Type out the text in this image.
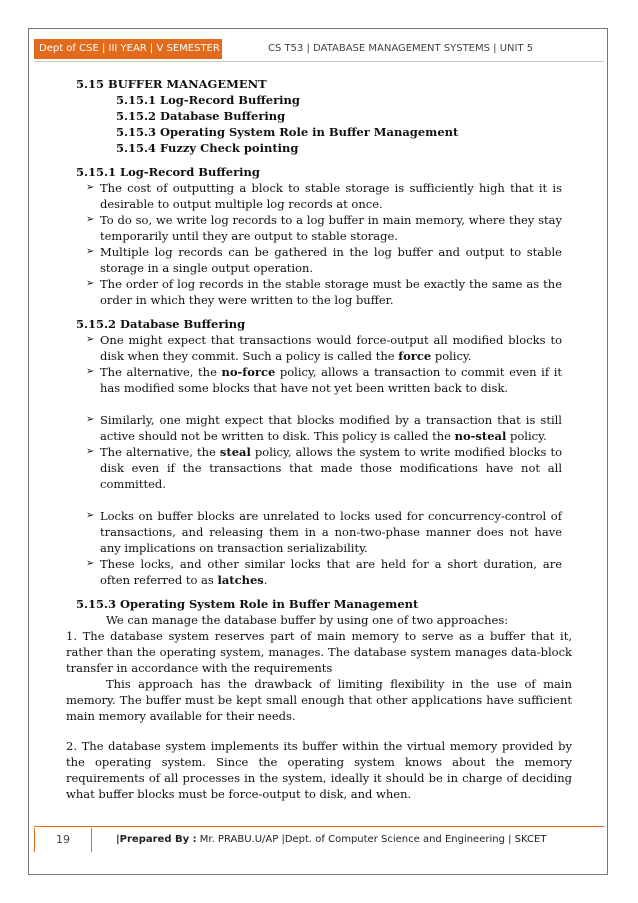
Dept of CSE | III YEAR | V SEMESTER	CS T53 | DATABASE MANAGEMENT SYSTEMS | UNIT 5

5.15 BUFFER MANAGEMENT

5.15.1 Log-Record Buffering

5.15.2 Database Buffering

5.15.3 Operating System Role in Buffer Management

5.15.4 Fuzzy Check pointing

5.15.1 Log-Record Buffering

➢ The cost of outputting a block to stable storage is sufficiently high that it is desirable to output multiple log records at once.
➢ To do so, we write log records to a log buffer in main memory, where they stay temporarily until they are output to stable storage.
➢ Multiple log records can be gathered in the log buffer and output to stable storage in a single output operation.
➢ The order of log records in the stable storage must be exactly the same as the order in which they were written to the log buffer.

5.15.2 Database Buffering

➢ One might expect that transactions would force-output all modified blocks to disk when they commit. Such a policy is called the force policy.
➢ The alternative, the no-force policy, allows a transaction to commit even if it has modified some blocks that have not yet been written back to disk.
➢ Similarly, one might expect that blocks modified by a transaction that is still active should not be written to disk. This policy is called the no-steal policy.
➢ The alternative, the steal policy, allows the system to write modified blocks to disk even if the transactions that made those modifications have not all committed.
➢ Locks on buffer blocks are unrelated to locks used for concurrency-control of transactions, and releasing them in a non-two-phase manner does not have any implications on transaction serializability.
➢ These locks, and other similar locks that are held for a short duration, are often referred to as latches.

5.15.3 Operating System Role in Buffer Management

We can manage the database buffer by using one of two approaches:

1. The database system reserves part of main memory to serve as a buffer that it, rather than the operating system, manages. The database system manages data-block transfer in accordance with the requirements

This approach has the drawback of limiting flexibility in the use of main memory. The buffer must be kept small enough that other applications have sufficient main memory available for their needs.

2. The database system implements its buffer within the virtual memory provided by the operating system. Since the operating system knows about the memory requirements of all processes in the system, ideally it should be in charge of deciding what buffer blocks must be force-output to disk, and when.

19	|Prepared By : Mr. PRABU.U/AP |Dept. of Computer Science and Engineering | SKCET
